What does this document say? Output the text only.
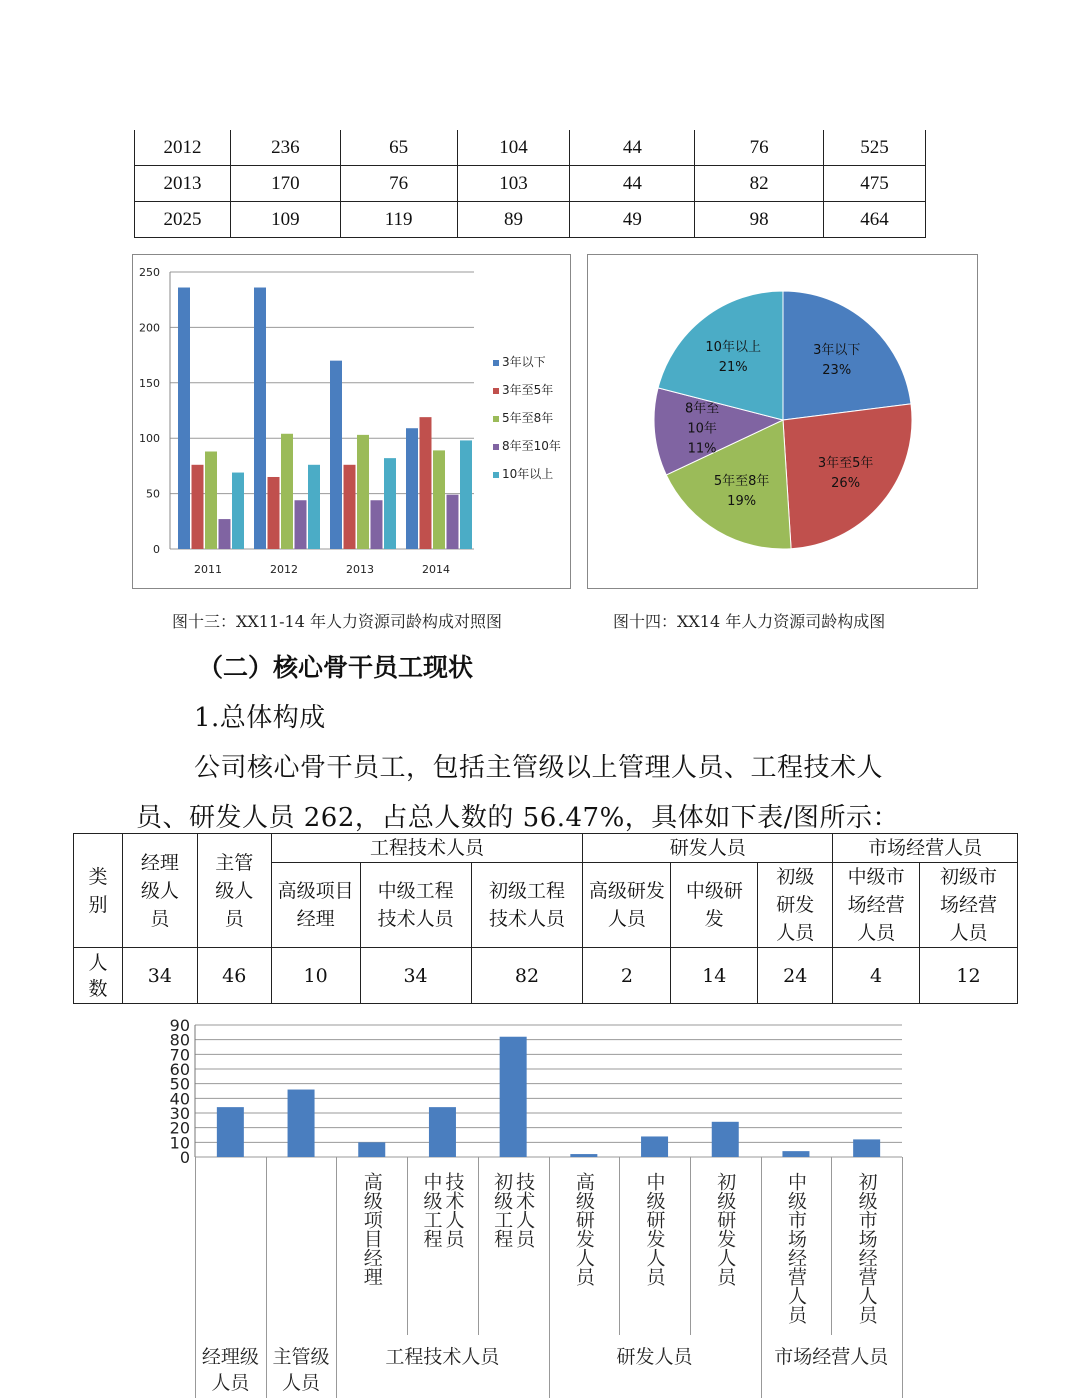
2012	236	65	104	44	76	525
2013	170	76	103	44	82	475
2025	109	119	89	49	98	464
0
50
100
150
200
250
2011	2012	2013	2014
3年以下
3年至5年
5年至8年
8年至10年
10年以上
3年以下
23%
3年至5年
26%
5年至8年
19%
8年至
10年
11%
10年以上
21%
图十三：XX11-14 年人力资源司龄构成对照图	图十四：XX14 年人力资源司龄构成图
（二）核心骨干员工现状
1.总体构成
公司核心骨干员工，包括主管级以上管理人员、工程技术人
员、研发人员 262，占总人数的 56.47%，具体如下表/图所示：
类别	经理级人员	主管级人员	工程技术人员			研发人员			市场经营人员	

			高级项目经理	中级工程技术人员	初级工程技术人员	高级研发人员	中级研发	初级研发人员	中级市场经营人员	初级市场经营人员

人数	34	46	10	34	82	2	14	24	4	12
0
10
20
30
40
50
60
70
80
90
高级项目经理 中级工程 技术人员 初级工程 技术人员 高级研发人员	中级研发人员	初级研发人员	中级市场经营人员	初级市场经营人员
经理级
人员
主管级
人员
工程技术人员	研发人员	市场经营人员
